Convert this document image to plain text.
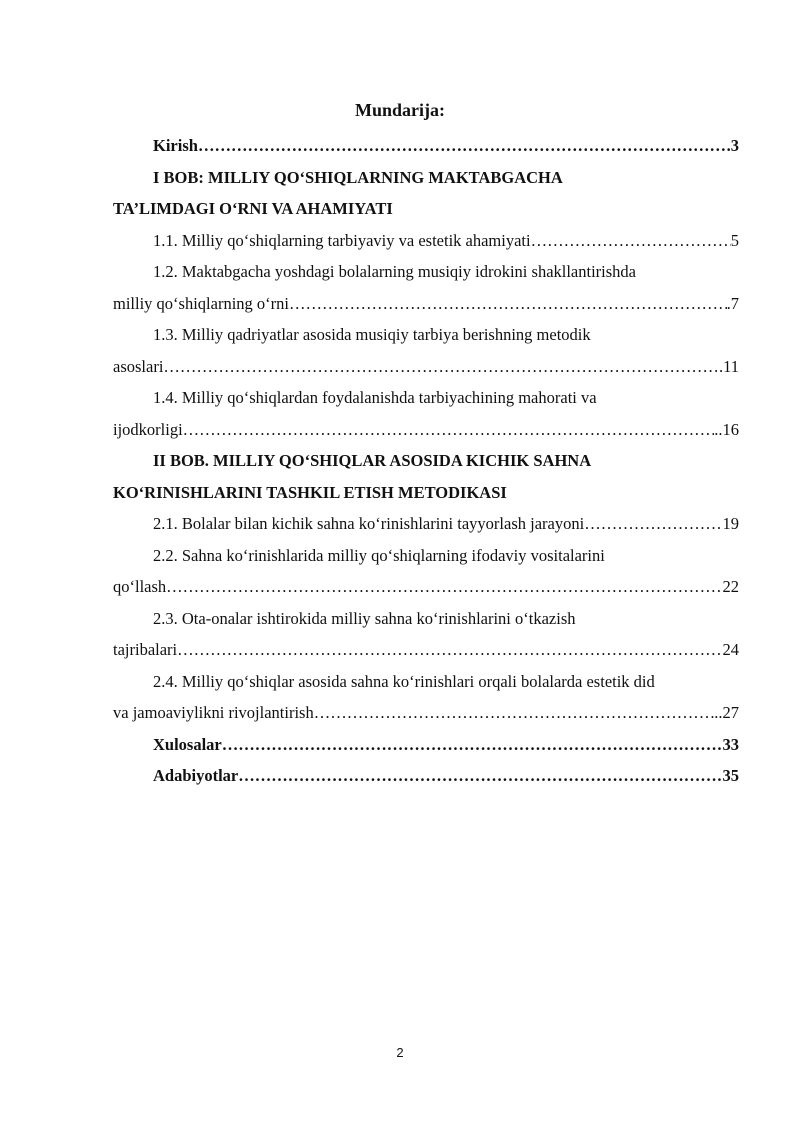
Mundarija:
Kirish ……………………………………………………………………………………………………………………………………………………………………………	.3
I BOB: MILLIY QO‘SHIQLARNING MAKTABGACHA
TA’LIMDAGI O‘RNI VA AHAMIYATI
1.1. Milliy qo‘shiqlarning tarbiyaviy va estetik ahamiyati ……………………………………………………………………………………………………………………………………………………………………………	5
1.2. Maktabgacha yoshdagi bolalarning musiqiy idrokini shakllantirishda
milliy qo‘shiqlarning o‘rni ……………………………………………………………………………………………………………………………………………………………………………	.7
1.3. Milliy qadriyatlar asosida musiqiy tarbiya berishning metodik
asoslari ……………………………………………………………………………………………………………………………………………………………………………	.11
1.4. Milliy qo‘shiqlardan foydalanishda tarbiyachining mahorati va
ijodkorligi ……………………………………………………………………………………………………………………………………………………………………………	..16
II BOB. MILLIY QO‘SHIQLAR ASOSIDA KICHIK SAHNA
KO‘RINISHLARINI TASHKIL ETISH METODIKASI
2.1. Bolalar bilan kichik sahna ko‘rinishlarini tayyorlash jarayoni ……………………………………………………………………………………………………………………………………………………………………………	19
2.2. Sahna ko‘rinishlarida milliy qo‘shiqlarning ifodaviy vositalarini
qo‘llash ……………………………………………………………………………………………………………………………………………………………………………	22
2.3. Ota-onalar ishtirokida milliy sahna ko‘rinishlarini o‘tkazish
tajribalari ……………………………………………………………………………………………………………………………………………………………………………	24
2.4. Milliy qo‘shiqlar asosida sahna ko‘rinishlari orqali bolalarda estetik did
va jamoaviylikni rivojlantirish ……………………………………………………………………………………………………………………………………………………………………………	..27
Xulosalar ……………………………………………………………………………………………………………………………………………………………………………	33
Adabiyotlar ……………………………………………………………………………………………………………………………………………………………………………	35
2
